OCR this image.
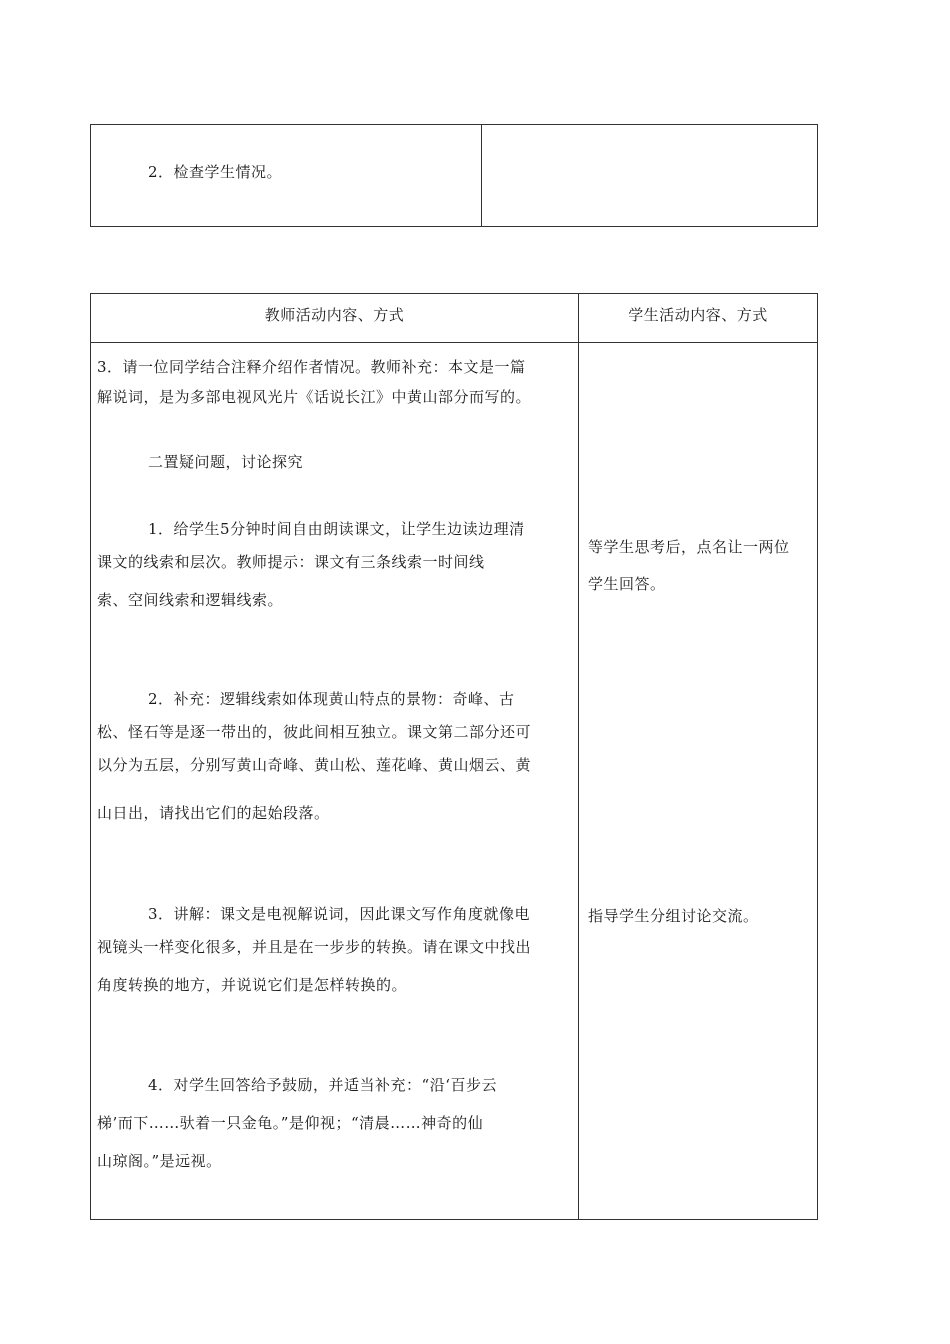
2．检查学生情况。
教师活动内容、方式	学生活动内容、方式
3．请一位同学结合注释介绍作者情况。教师补充：本文是一篇
解说词，是为多部电视风光片《话说长江》中黄山部分而写的。
二置疑问题，讨论探究
1．给学生5分钟时间自由朗读课文，让学生边读边理清
课文的线索和层次。教师提示：课文有三条线索一时间线
索、空间线索和逻辑线索。
2．补充：逻辑线索如体现黄山特点的景物：奇峰、古
松、怪石等是逐一带出的，彼此间相互独立。课文第二部分还可
以分为五层，分别写黄山奇峰、黄山松、莲花峰、黄山烟云、黄
山日出，请找出它们的起始段落。
3．讲解：课文是电视解说词，因此课文写作角度就像电
视镜头一样变化很多，并且是在一步步的转换。请在课文中找出
角度转换的地方，并说说它们是怎样转换的。
4．对学生回答给予鼓励，并适当补充：“沿‘百步云
梯’而下……驮着一只金龟。”是仰视；“清晨……神奇的仙
山琼阁。”是远视。
等学生思考后，点名让一两位
学生回答。
指导学生分组讨论交流。
